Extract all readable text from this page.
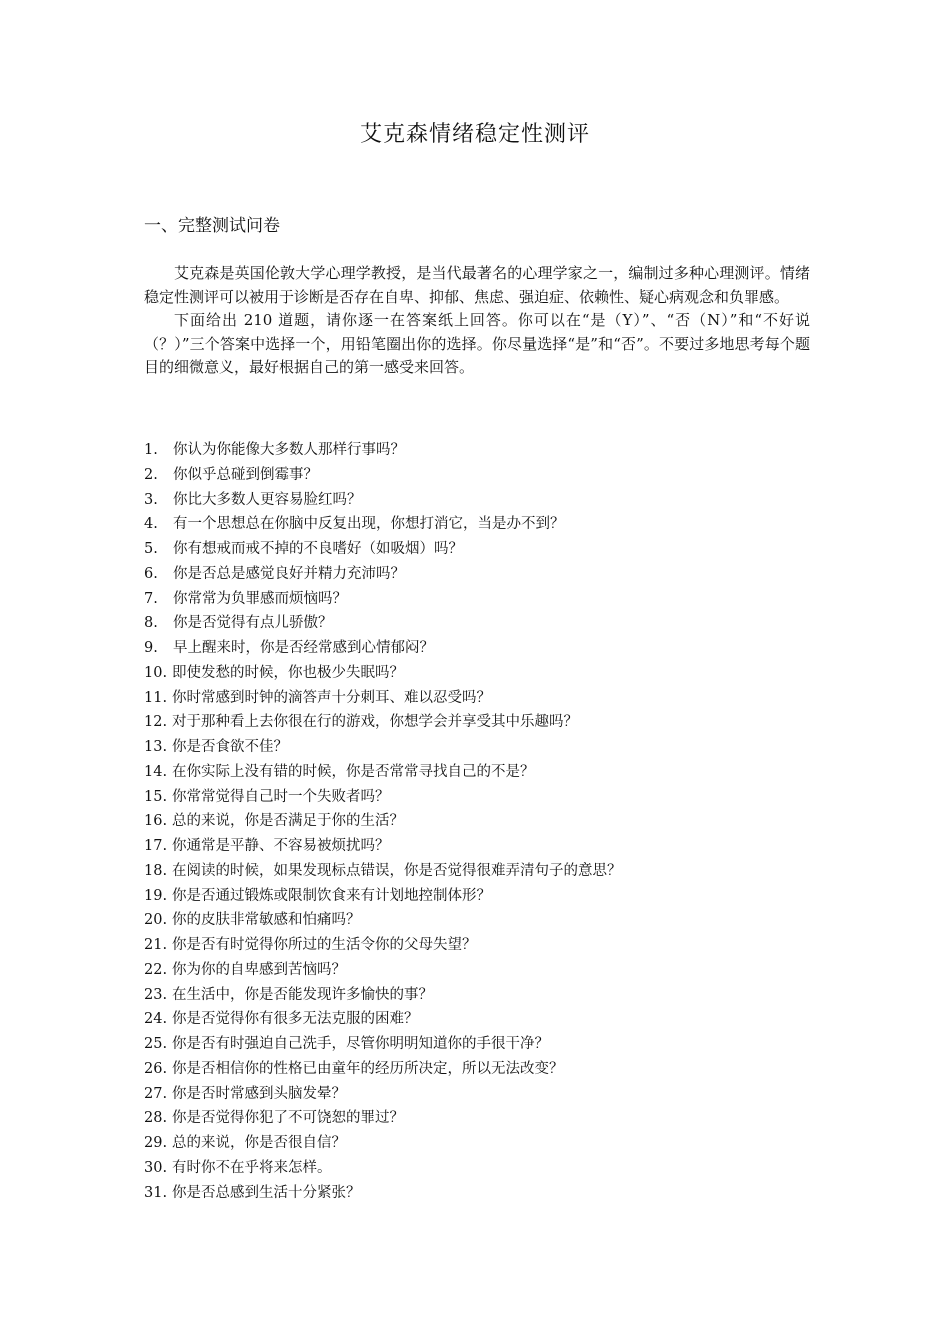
艾克森情绪稳定性测评
一、完整测试问卷

艾克森是英国伦敦大学心理学教授，是当代最著名的心理学家之一，编制过多种心理测评。情绪稳定性测评可以被用于诊断是否存在自卑、抑郁、焦虑、强迫症、依赖性、疑心病观念和负罪感。

下面给出 210 道题，请你逐一在答案纸上回答。你可以在“是（Y）”、“否（N）”和“不好说（？）”三个答案中选择一个，用铅笔圈出你的选择。你尽量选择“是”和“否”。不要过多地思考每个题目的细微意义，最好根据自己的第一感受来回答。

1.	你认为你能像大多数人那样行事吗？
2.	你似乎总碰到倒霉事？
3.	你比大多数人更容易脸红吗？
4.	有一个思想总在你脑中反复出现，你想打消它，当是办不到？
5.	你有想戒而戒不掉的不良嗜好（如吸烟）吗？
6.	你是否总是感觉良好并精力充沛吗？
7.	你常常为负罪感而烦恼吗？
8.	你是否觉得有点儿骄傲？
9.	早上醒来时，你是否经常感到心情郁闷？
10. 即使发愁的时候，你也极少失眠吗？
11. 你时常感到时钟的滴答声十分刺耳、难以忍受吗？
12. 对于那种看上去你很在行的游戏，你想学会并享受其中乐趣吗？
13. 你是否食欲不佳？
14. 在你实际上没有错的时候，你是否常常寻找自己的不是？
15. 你常常觉得自己时一个失败者吗？
16. 总的来说，你是否满足于你的生活？
17. 你通常是平静、不容易被烦扰吗？
18. 在阅读的时候，如果发现标点错误，你是否觉得很难弄清句子的意思？
19. 你是否通过锻炼或限制饮食来有计划地控制体形？
20. 你的皮肤非常敏感和怕痛吗？
21. 你是否有时觉得你所过的生活令你的父母失望？
22. 你为你的自卑感到苦恼吗？
23. 在生活中，你是否能发现许多愉快的事？
24. 你是否觉得你有很多无法克服的困难？
25. 你是否有时强迫自己洗手，尽管你明明知道你的手很干净？
26. 你是否相信你的性格已由童年的经历所决定，所以无法改变？
27. 你是否时常感到头脑发晕？
28. 你是否觉得你犯了不可饶恕的罪过？
29. 总的来说，你是否很自信？
30. 有时你不在乎将来怎样。
31. 你是否总感到生活十分紧张？
